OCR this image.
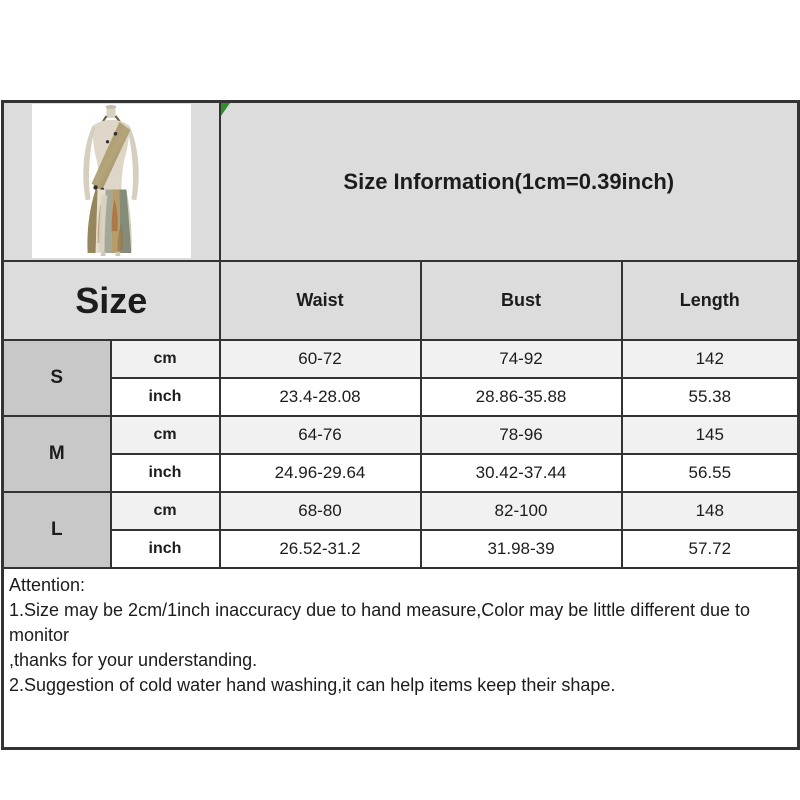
Size Information(1cm=0.39inch)		
Size		Waist	Bust	Length
S	cm	60-72	74-92	142
	inch	23.4-28.08	28.86-35.88	55.38
M	cm	64-76	78-96	145
	inch	24.96-29.64	30.42-37.44	56.55
L	cm	68-80	82-100	148
	inch	26.52-31.2	31.98-39	57.72

Attention:
1.Size may be 2cm/1inch inaccuracy due to hand measure,Color may be little different due to monitor
,thanks for your understanding.
2.Suggestion of cold water hand washing,it can help items keep their shape.				
